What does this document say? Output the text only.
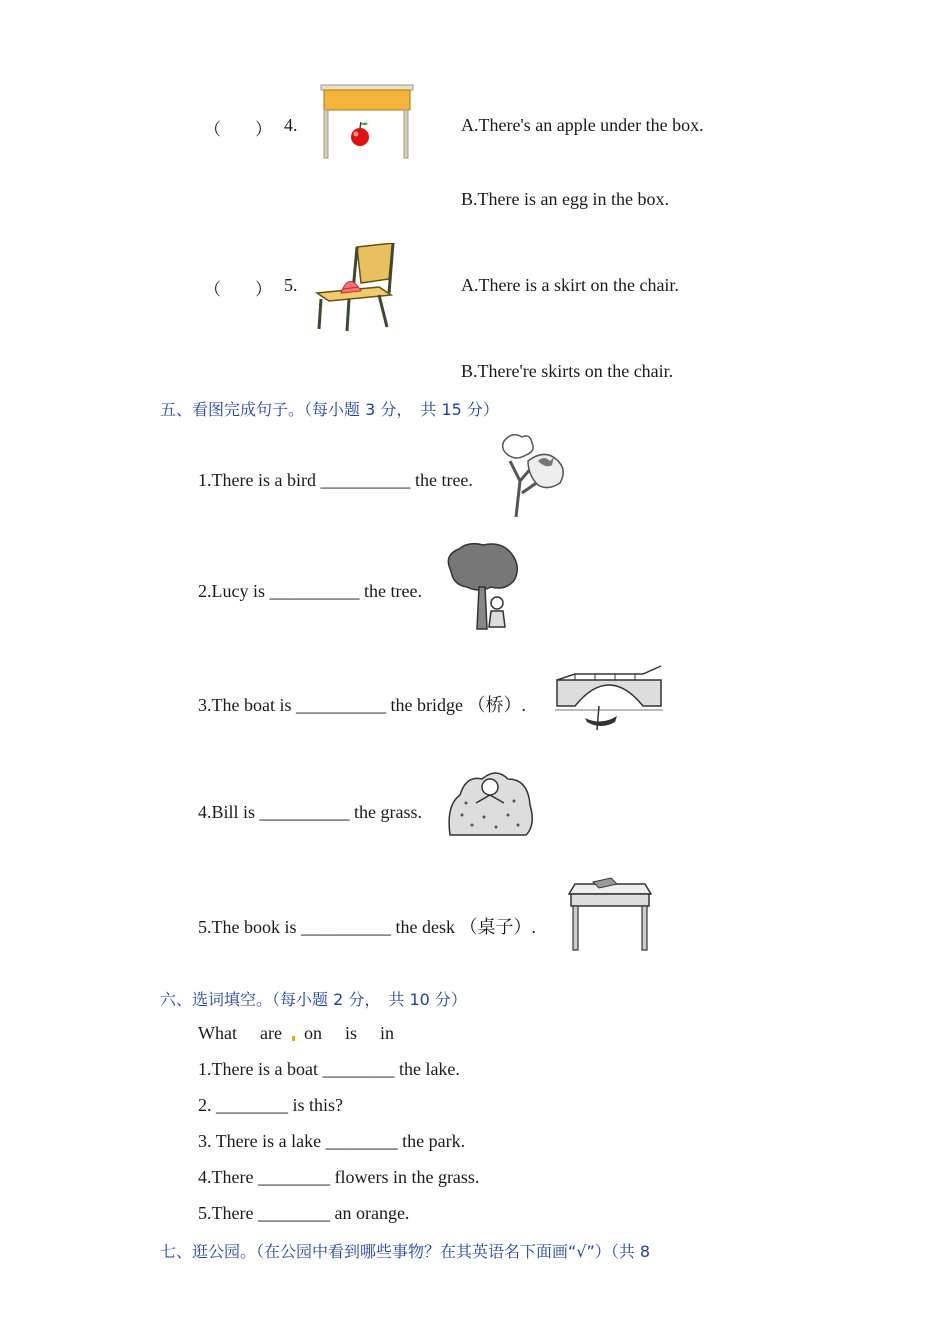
（　　） 4.	A.There's an apple under the box.
B.There is an egg in the box.
（　　） 5.	A.There is a skirt on the chair.
B.There're skirts on the chair.
五、看图完成句子。（每小题 3 分，　共 15 分）
1.There is a bird __________ the tree.
2.Lucy is __________ the tree.
3.The boat is __________ the bridge （桥）.
4.Bill is __________ the grass.
5.The book is __________ the desk （桌子）.
六、选词填空。（每小题 2 分，　共 10 分）
What are on is in
1.There is a boat ________ the lake.
2. ________ is this?
3. There is a lake ________ the park.
4.There ________ flowers in the grass.
5.There ________ an orange.
七、逛公园。（在公园中看到哪些事物？在其英语名下面画“√”）（共 8
